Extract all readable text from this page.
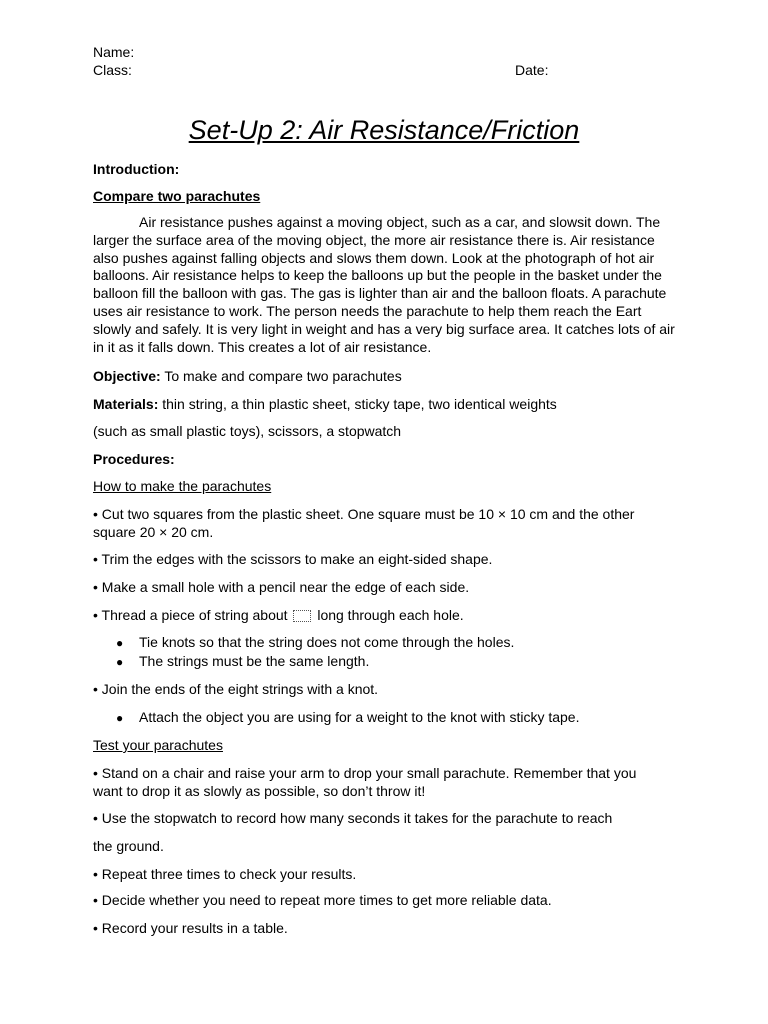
Name:
Class:	Date:
Set-Up 2: Air Resistance/Friction
Introduction:
Compare two parachutes
Air resistance pushes against a moving object, such as a car, and slowsit down. The larger the surface area of the moving object, the more air resistance there is. Air resistance also pushes against falling objects and slows them down. Look at the photograph of hot air balloons. Air resistance helps to keep the balloons up but the people in the basket under the balloon fill the balloon with gas. The gas is lighter than air and the balloon floats. A parachute uses air resistance to work. The person needs the parachute to help them reach the Eart slowly and safely. It is very light in weight and has a very big surface area. It catches lots of air in it as it falls down. This creates a lot of air resistance.
Objective: To make and compare two parachutes
Materials: thin string, a thin plastic sheet, sticky tape, two identical weights
(such as small plastic toys), scissors, a stopwatch
Procedures:
How to make the parachutes
• Cut two squares from the plastic sheet. One square must be 10 × 10 cm and the other square 20 × 20 cm.
• Trim the edges with the scissors to make an eight-sided shape.
• Make a small hole with a pencil near the edge of each side.
• Thread a piece of string about  long through each hole.
● Tie knots so that the string does not come through the holes.
● The strings must be the same length.
• Join the ends of the eight strings with a knot.
● Attach the object you are using for a weight to the knot with sticky tape.
Test your parachutes
• Stand on a chair and raise your arm to drop your small parachute. Remember that you want to drop it as slowly as possible, so don’t throw it!
• Use the stopwatch to record how many seconds it takes for the parachute to reach
the ground.
• Repeat three times to check your results.
• Decide whether you need to repeat more times to get more reliable data.
• Record your results in a table.
